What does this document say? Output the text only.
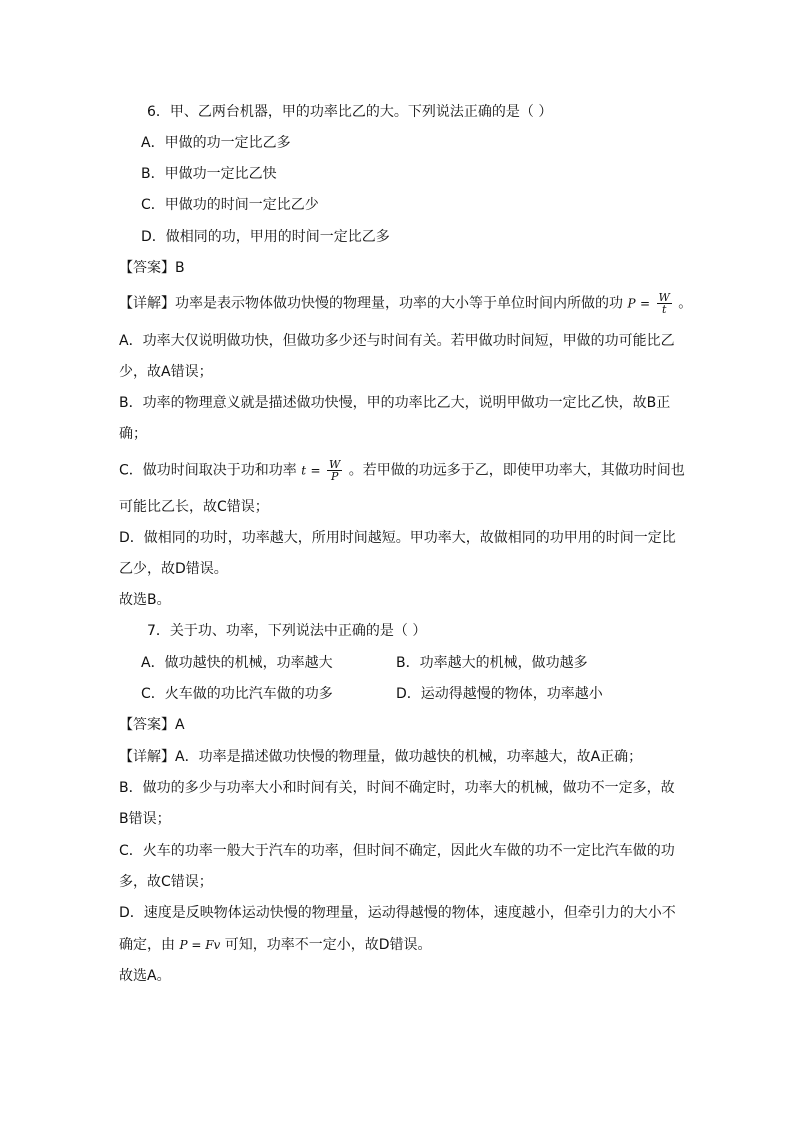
6．甲、乙两台机器，甲的功率比乙的大。下列说法正确的是（ ）
A．甲做的功一定比乙多
B．甲做功一定比乙快
C．甲做功的时间一定比乙少
D．做相同的功，甲用的时间一定比乙多
【答案】B
【详解】功率是表示物体做功快慢的物理量，功率的大小等于单位时间内所做的功 $P = \frac{W}{t}$ 。
A．功率大仅说明做功快，但做功多少还与时间有关。若甲做功时间短，甲做的功可能比乙
少，故A错误；
B．功率的物理意义就是描述做功快慢，甲的功率比乙大，说明甲做功一定比乙快，故B正
确；
C．做功时间取决于功和功率 $t = \frac{W}{P}$ 。若甲做的功远多于乙，即使甲功率大，其做功时间也
可能比乙长，故C错误；
D．做相同的功时，功率越大，所用时间越短。甲功率大，故做相同的功甲用的时间一定比
乙少，故D错误。
故选B。
7．关于功、功率，下列说法中正确的是（ ）
A．做功越快的机械，功率越大	B．功率越大的机械，做功越多
C．火车做的功比汽车做的功多	D．运动得越慢的物体，功率越小
【答案】A
【详解】A．功率是描述做功快慢的物理量，做功越快的机械，功率越大，故A正确；
B．做功的多少与功率大小和时间有关，时间不确定时，功率大的机械，做功不一定多，故
B错误；
C．火车的功率一般大于汽车的功率，但时间不确定，因此火车做的功不一定比汽车做的功
多，故C错误；
D．速度是反映物体运动快慢的物理量，运动得越慢的物体，速度越小，但牵引力的大小不
确定，由 P = Fv 可知，功率不一定小，故D错误。
故选A。
